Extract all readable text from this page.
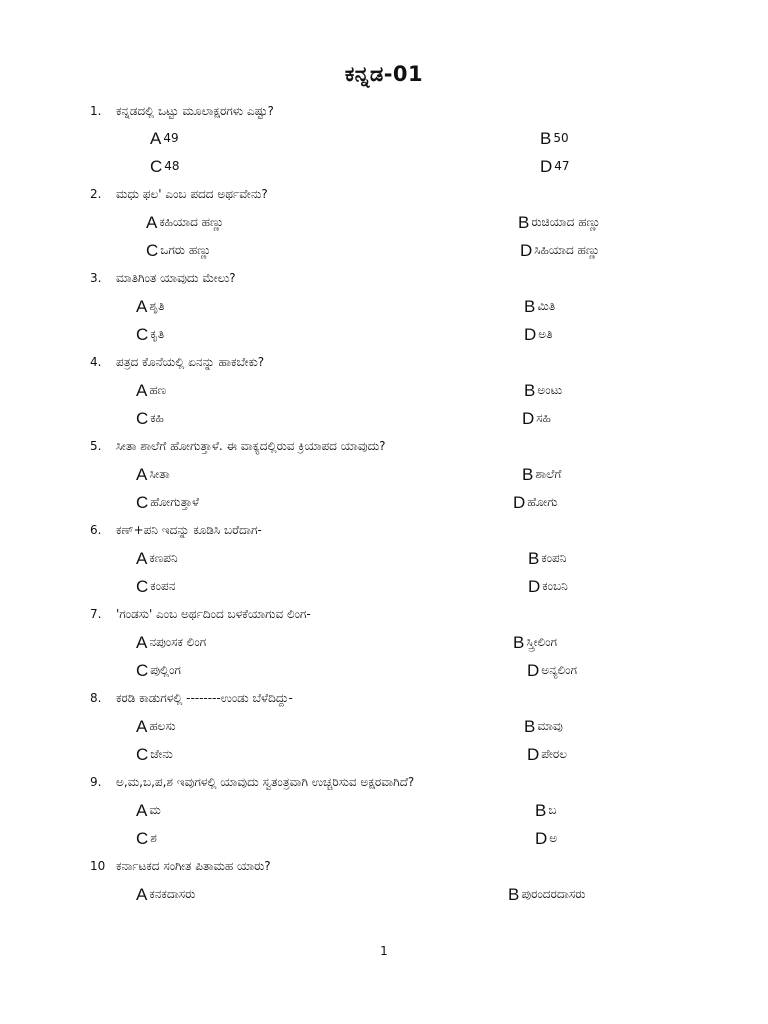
ಕನ್ನಡ-01
1. ಕನ್ನಡದಲ್ಲಿ ಒಟ್ಟು ಮೂಲಾಕ್ಷರಗಳು ಎಷ್ಟು?
A 49	B 50
C 48	D 47
2. ಮಧು ಫಲ' ಎಂಬ ಪದದ ಅರ್ಥವೇನು?
A ಕಹಿಯಾದ ಹಣ್ಣು	B ರುಚಿಯಾದ ಹಣ್ಣು
C ಒಗರು ಹಣ್ಣು	D ಸಿಹಿಯಾದ ಹಣ್ಣು
3. ಮಾತಿಗಿಂತ ಯಾವುದು ಮೇಲು?
A ಶೃತಿ	B ಮಿತಿ
C ಕೃತಿ	D ಅತಿ
4. ಪತ್ರದ ಕೊನೆಯಲ್ಲಿ ಏನನ್ನು ಹಾಕಬೇಕು?
A ಹಣ	B ಅಂಟು
C ಕಹಿ	D ಸಹಿ
5. ಸೀತಾ ಶಾಲೆಗೆ ಹೋಗುತ್ತಾಳೆ. ಈ ವಾಕ್ಯದಲ್ಲಿರುವ ಕ್ರಿಯಾಪದ ಯಾವುದು?
A ಸೀತಾ	B ಶಾಲೆಗೆ
C ಹೋಗುತ್ತಾಳೆ	D ಹೋಗು
6. ಕಣ್+ಪನಿ ಇದನ್ನು ಕೂಡಿಸಿ ಬರೆದಾಗ-
A ಕಣಪನಿ	B ಕಂಪನಿ
C ಕಂಪನ	D ಕಂಬನಿ
7. 'ಗಂಡಸು' ಎಂಬ ಅರ್ಥದಿಂದ ಬಳಕೆಯಾಗುವ ಲಿಂಗ-
A ನಪುಂಸಕ ಲಿಂಗ	B ಸ್ತ್ರೀಲಿಂಗ
C ಪುಲ್ಲಿಂಗ	D ಅನ್ಯಲಿಂಗ
8. ಕರಡಿ ಕಾಡುಗಳಲ್ಲಿ --------ಉಂಡು ಬೆಳೆದಿದ್ದು-
A ಹಲಸು	B ಮಾವು
C ಜೇನು	D ಪೇರಲ
9. ಅ,ಮ,ಬ,ಪ,ಶ ಇವುಗಳಲ್ಲಿ ಯಾವುದು ಸ್ವತಂತ್ರವಾಗಿ ಉಚ್ಚರಿಸುವ ಅಕ್ಷರವಾಗಿದೆ?
A ಮ	B ಬ
C ಶ	D ಅ
10 ಕರ್ನಾಟಕದ ಸಂಗೀತ ಪಿತಾಮಹ ಯಾರು?
A ಕನಕದಾಸರು	B ಪುರಂದರದಾಸರು
1
